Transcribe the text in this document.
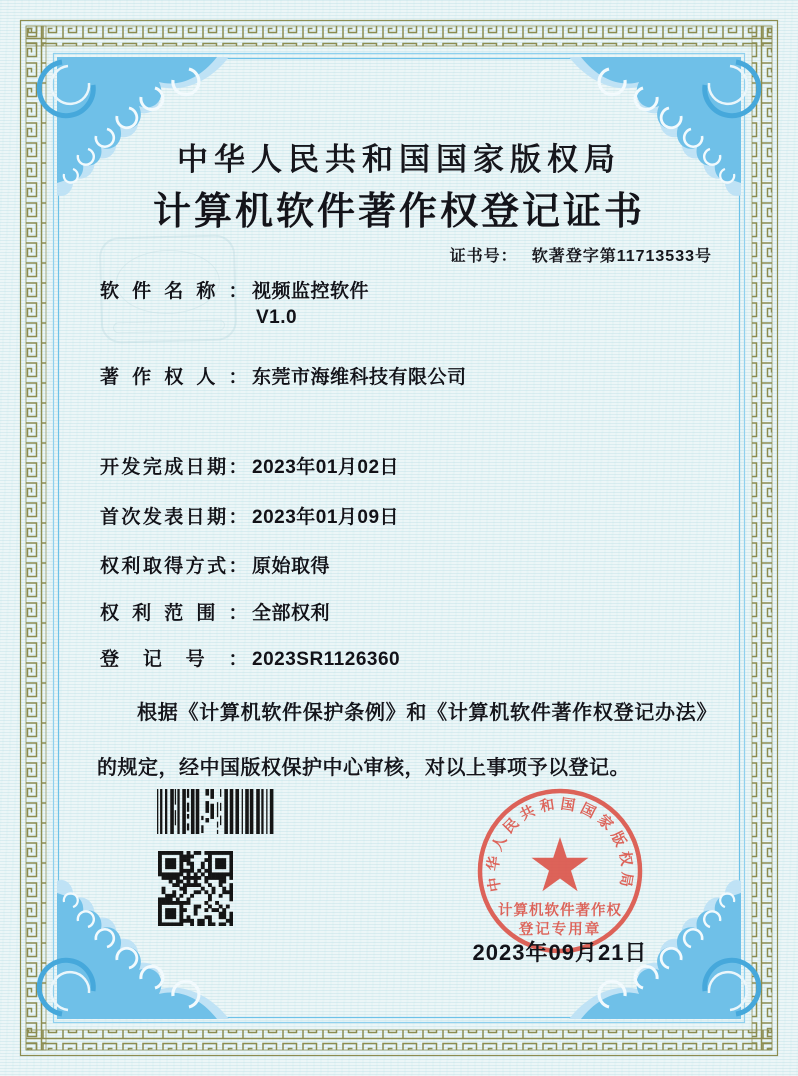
中华人民共和国国家版权局
计算机软件著作权登记证书
证书号： 软著登字第11713533号
软件名称： 视频监控软件
V1.0
著作权人： 东莞市海维科技有限公司
开发完成日期： 2023年01月02日
首次发表日期： 2023年01月09日
权利取得方式： 原始取得
权利范围： 全部权利
登记号： 2023SR1126360
根据《计算机软件保护条例》和《计算机软件著作权登记办法》的规定，经中国版权保护中心审核，对以上事项予以登记。
中华人民共和国国家版权局
计算机软件著作权
登记专用章
2023年09月21日
